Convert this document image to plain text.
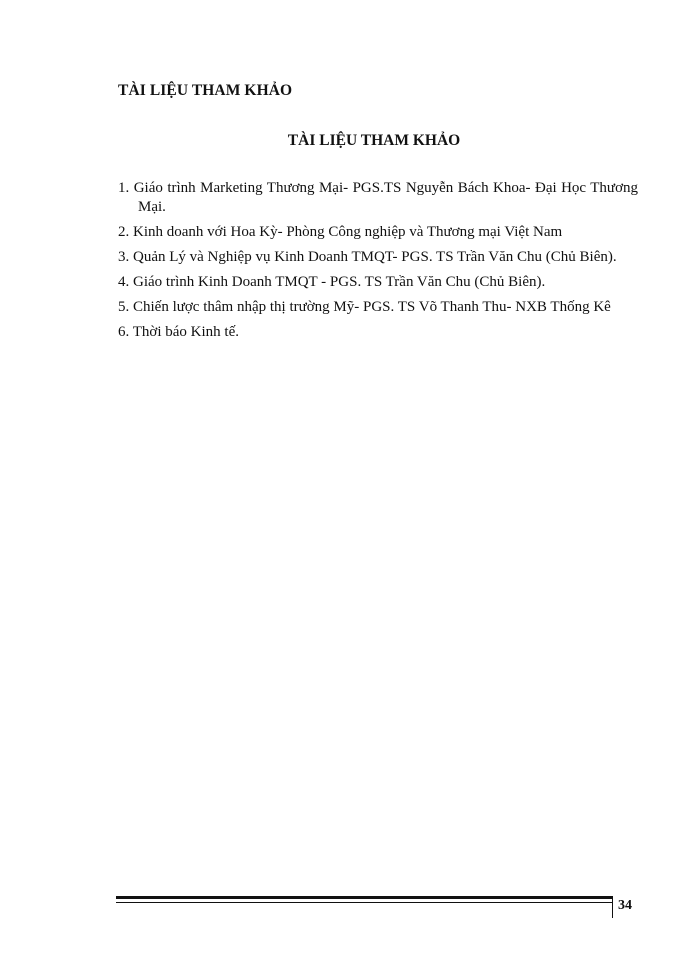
TÀI LIỆU THAM KHẢO
TÀI LIỆU THAM KHẢO
1. Giáo trình Marketing Thương Mại- PGS.TS Nguyễn Bách Khoa- Đại Học Thương Mại.
2. Kinh doanh với Hoa Kỳ- Phòng Công nghiệp và Thương mại Việt Nam
3. Quản Lý và Nghiệp vụ Kinh Doanh TMQT- PGS. TS Trần Văn Chu (Chủ Biên).
4. Giáo trình Kinh Doanh TMQT - PGS. TS Trần Văn Chu (Chủ Biên).
5. Chiến lược thâm nhập thị trường Mỹ- PGS. TS Võ Thanh Thu- NXB Thống Kê
6. Thời báo Kinh tế.
34
